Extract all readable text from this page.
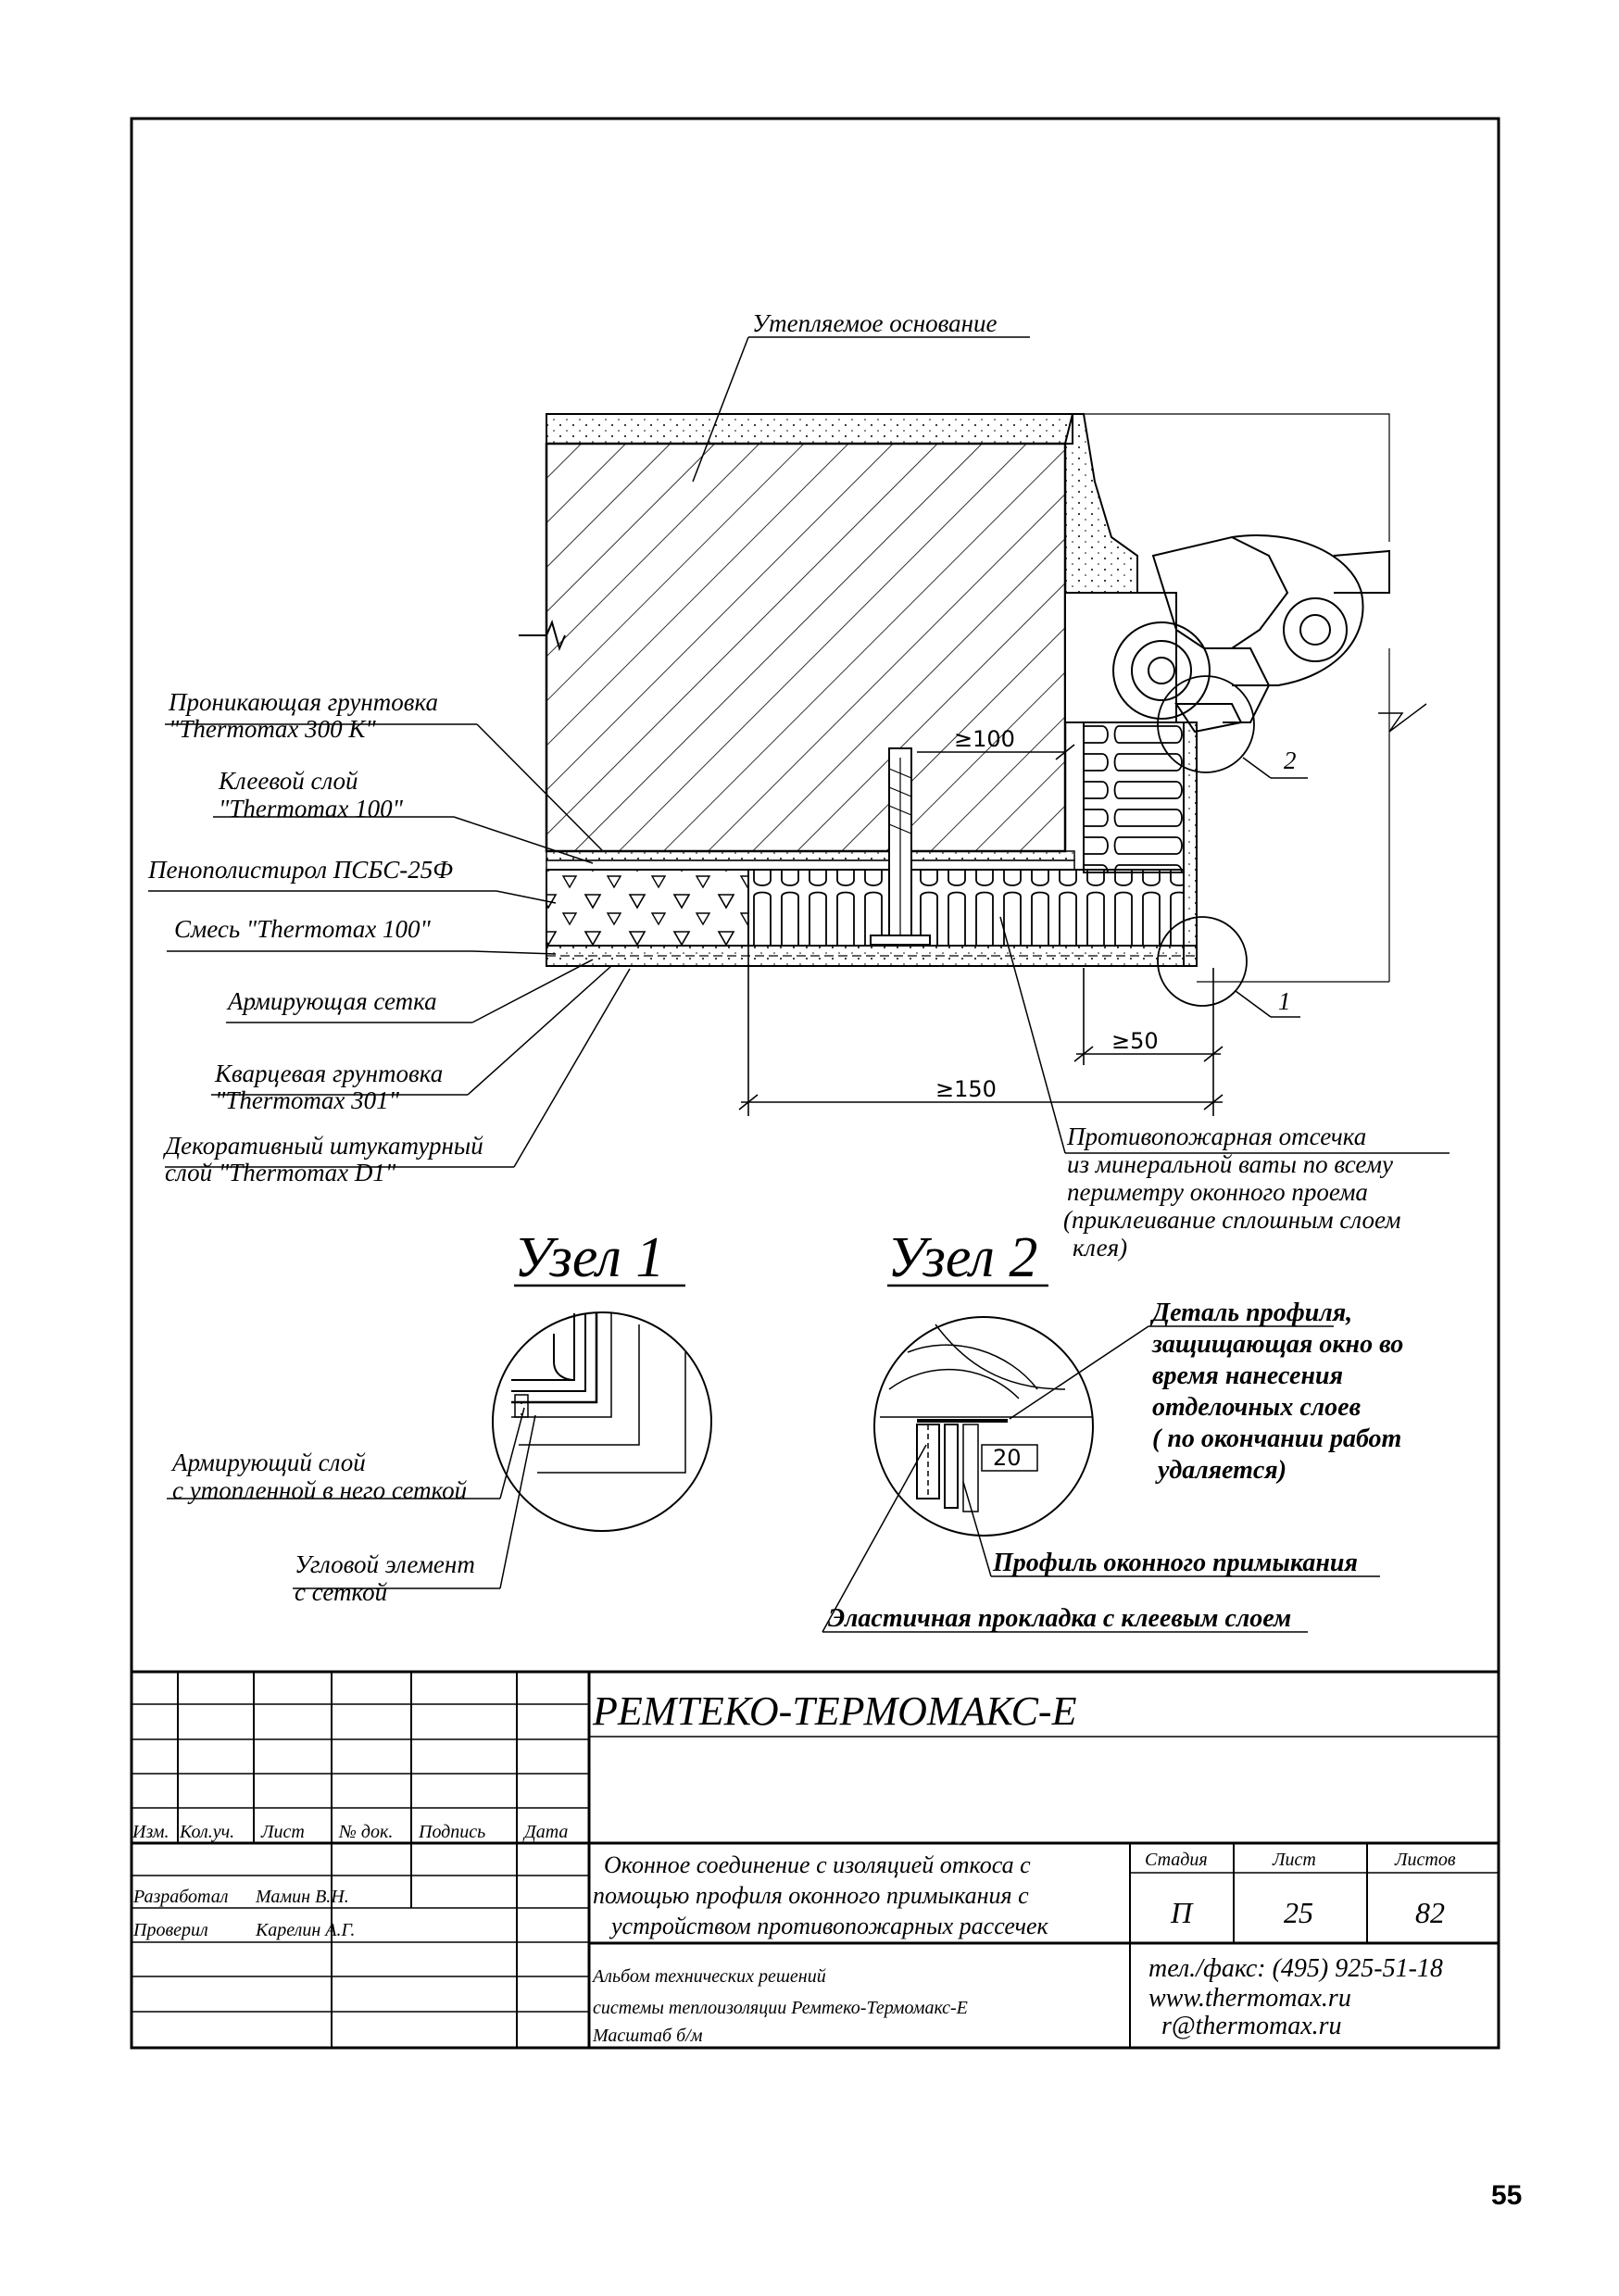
≥100
≥50
≥150
1
2
Утепляемое основание
Проникающая грунтовка
"Thermomax 300 K"
Клеевой слой
"Thermomax 100"
Пенополистирол ПСБС-25Ф
Смесь "Thermomax 100"
Армирующая сетка
Кварцевая грунтовка
"Thermomax 301"
Декоративный штукатурный
слой "Thermomax D1"
Противопожарная отсечка
из минеральной ваты по всему
периметру оконного проема
(приклеивание сплошным слоем
клея)
Узел 1
Армирующий слой
с утопленной в него сеткой
Угловой элемент
с сеткой
Узел 2
20
Деталь профиля,
защищающая окно во
время нанесения
отделочных слоев
( по окончании работ
удаляется)
Профиль оконного примыкания
Эластичная прокладка с клеевым слоем
РЕМТЕКО-ТЕРМОМАКС-Е
Изм. Кол.уч. Лист № док. Подпись Дата
Разработал Мамин В.Н.
Проверил	Карелин А.Г.
Оконное соединение с изоляцией откоса с
помощью профиля оконного примыкания с
устройством противопожарных рассечек
Стадия	Лист	Листов
П	25	82
Альбом технических решений
системы теплоизоляции Ремтеко-Термомакс-Е
Масштаб б/м
тел./факс: (495) 925-51-18
www.thermomax.ru
r@thermomax.ru
55
